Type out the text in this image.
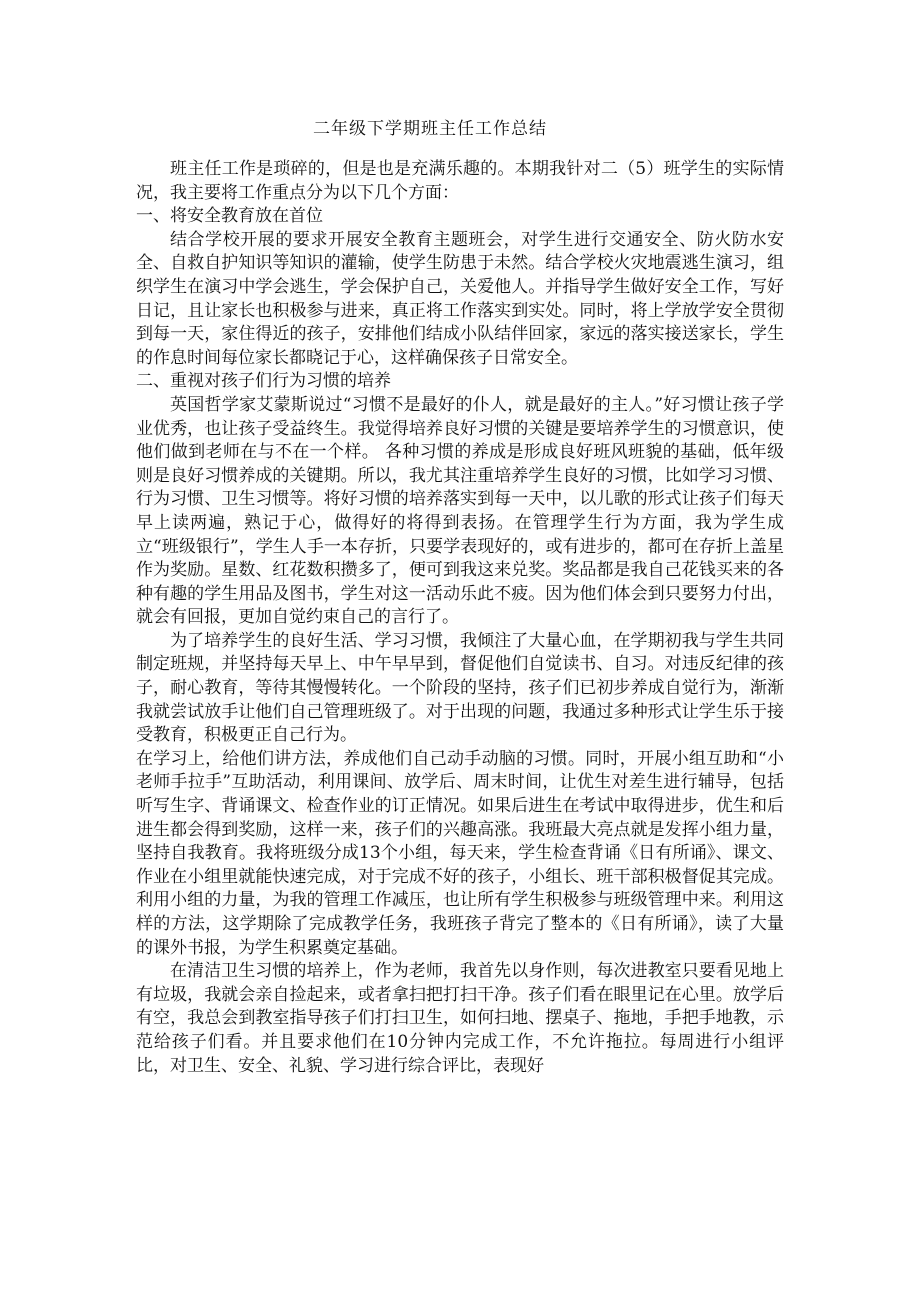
二年级下学期班主任工作总结

班主任工作是琐碎的，但是也是充满乐趣的。本期我针对二（5）班学生的实际情况，我主要将工作重点分为以下几个方面：

一、将安全教育放在首位

结合学校开展的要求开展安全教育主题班会，对学生进行交通安全、防火防水安全、自救自护知识等知识的灌输，使学生防患于未然。结合学校火灾地震逃生演习，组织学生在演习中学会逃生，学会保护自己，关爱他人。并指导学生做好安全工作，写好日记，且让家长也积极参与进来，真正将工作落实到实处。同时，将上学放学安全贯彻到每一天，家住得近的孩子，安排他们结成小队结伴回家，家远的落实接送家长，学生的作息时间每位家长都晓记于心，这样确保孩子日常安全。

二、重视对孩子们行为习惯的培养

英国哲学家艾蒙斯说过“习惯不是最好的仆人，就是最好的主人。”好习惯让孩子学业优秀，也让孩子受益终生。我觉得培养良好习惯的关键是要培养学生的习惯意识，使他们做到老师在与不在一个样。 各种习惯的养成是形成良好班风班貌的基础，低年级则是良好习惯养成的关键期。所以，我尤其注重培养学生良好的习惯，比如学习习惯、行为习惯、卫生习惯等。将好习惯的培养落实到每一天中，以儿歌的形式让孩子们每天早上读两遍，熟记于心，做得好的将得到表扬。在管理学生行为方面，我为学生成立“班级银行”，学生人手一本存折，只要学表现好的，或有进步的，都可在存折上盖星作为奖励。星数、红花数积攒多了，便可到我这来兑奖。奖品都是我自己花钱买来的各种有趣的学生用品及图书，学生对这一活动乐此不疲。因为他们体会到只要努力付出，就会有回报，更加自觉约束自己的言行了。

为了培养学生的良好生活、学习习惯，我倾注了大量心血，在学期初我与学生共同制定班规，并坚持每天早上、中午早早到，督促他们自觉读书、自习。对违反纪律的孩子，耐心教育，等待其慢慢转化。一个阶段的坚持，孩子们已初步养成自觉行为，渐渐我就尝试放手让他们自己管理班级了。对于出现的问题，我通过多种形式让学生乐于接受教育，积极更正自己行为。

在学习上，给他们讲方法，养成他们自己动手动脑的习惯。同时，开展小组互助和“小老师手拉手”互助活动，利用课间、放学后、周末时间，让优生对差生进行辅导，包括听写生字、背诵课文、检查作业的订正情况。如果后进生在考试中取得进步，优生和后进生都会得到奖励，这样一来，孩子们的兴趣高涨。我班最大亮点就是发挥小组力量，坚持自我教育。我将班级分成13个小组，每天来，学生检查背诵《日有所诵》、课文、作业在小组里就能快速完成，对于完成不好的孩子，小组长、班干部积极督促其完成。利用小组的力量，为我的管理工作减压，也让所有学生积极参与班级管理中来。利用这样的方法，这学期除了完成教学任务，我班孩子背完了整本的《日有所诵》，读了大量的课外书报，为学生积累奠定基础。

在清洁卫生习惯的培养上，作为老师，我首先以身作则，每次进教室只要看见地上有垃圾，我就会亲自捡起来，或者拿扫把打扫干净。孩子们看在眼里记在心里。放学后有空，我总会到教室指导孩子们打扫卫生，如何扫地、摆桌子、拖地，手把手地教，示范给孩子们看。并且要求他们在10分钟内完成工作，不允许拖拉。每周进行小组评比，对卫生、安全、礼貌、学习进行综合评比，表现好
